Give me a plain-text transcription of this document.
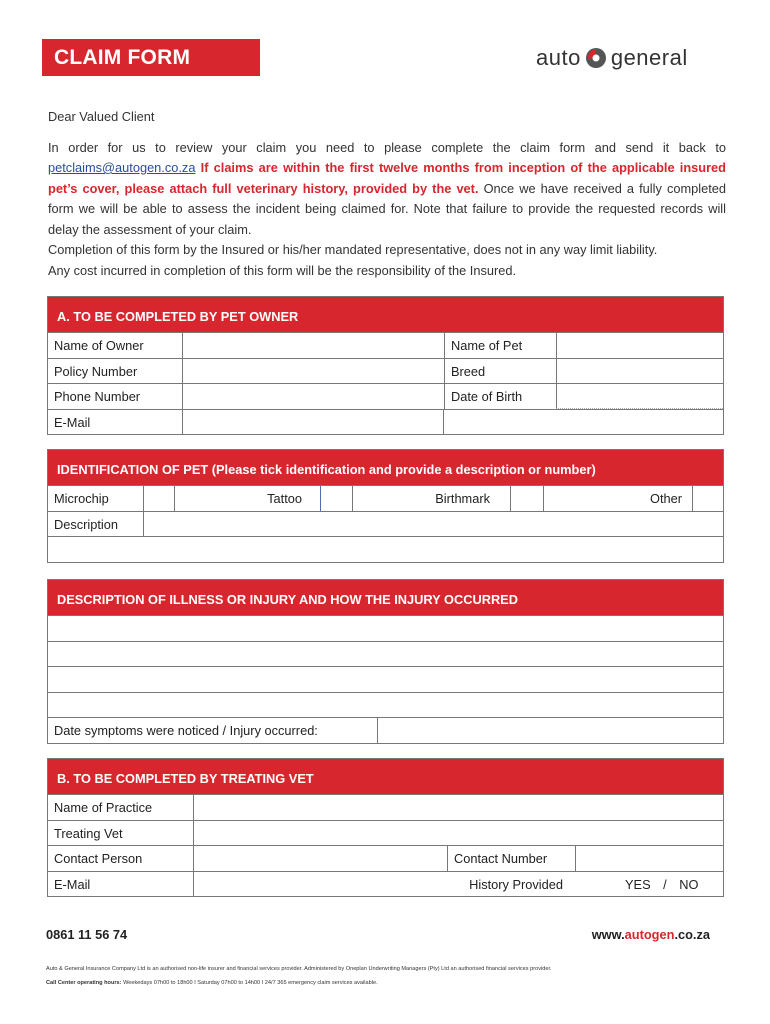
CLAIM FORM	auto general

Dear Valued Client

In order for us to review your claim you need to please complete the claim form and send it back to petclaims@autogen.co.za If claims are within the first twelve months from inception of the applicable insured pet’s cover, please attach full veterinary history, provided by the vet. Once we have received a fully completed form we will be able to assess the incident being claimed for. Note that failure to provide the requested records will delay the assessment of your claim.

Completion of this form by the Insured or his/her mandated representative, does not in any way limit liability.

Any cost incurred in completion of this form will be the responsibility of the Insured.

A. TO BE COMPLETED BY PET OWNER
Name of Owner	Name of Pet
Policy Number	Breed
Phone Number	Date of Birth
E-Mail
IDENTIFICATION OF PET (Please tick identification and provide a description or number)
Microchip	Tattoo	Birthmark	Other
Description
DESCRIPTION OF ILLNESS OR INJURY AND HOW THE INJURY OCCURRED
Date symptoms were noticed / Injury occurred:
B. TO BE COMPLETED BY TREATING VET
Name of Practice
Treating Vet
Contact Person	Contact Number
E-Mail	History Provided	YES / NO
0861 11 56 74	www.autogen.co.za
Auto & General Insurance Company Ltd is an authorised non-life insurer and financial services provider. Administered by Oneplan Underwriting Managers (Pty) Ltd an authorised financial services provider.
Call Center operating hours: Weekedays 07h00 to 18h00 I Saturday 07h00 to 14h00 I 24/7 365 emergency claim services available.
